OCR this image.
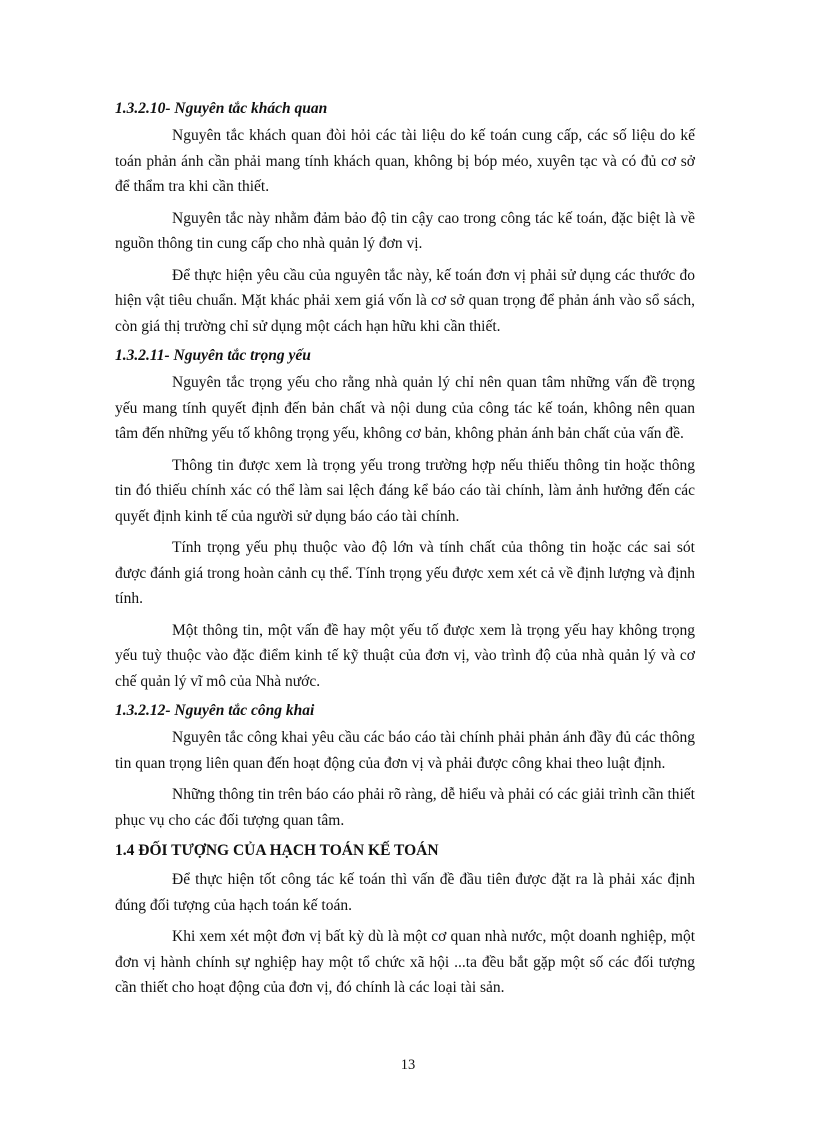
1.3.2.10- Nguyên tắc khách quan

Nguyên tắc khách quan đòi hỏi các tài liệu do kế toán cung cấp, các số liệu do kế toán phản ánh cần phải mang tính khách quan, không bị bóp méo, xuyên tạc và có đủ cơ sở để thẩm tra khi cần thiết.

Nguyên tắc này nhằm đảm bảo độ tin cậy cao trong công tác kế toán, đặc biệt là về nguồn thông tin cung cấp cho nhà quản lý đơn vị.

Để thực hiện yêu cầu của nguyên tắc này, kế toán đơn vị phải sử dụng các thước đo hiện vật tiêu chuẩn. Mặt khác phải xem giá vốn là cơ sở quan trọng để phản ánh vào sổ sách, còn giá thị trường chỉ sử dụng một cách hạn hữu khi cần thiết.

1.3.2.11- Nguyên tắc trọng yếu

Nguyên tắc trọng yếu cho rằng nhà quản lý chỉ nên quan tâm những vấn đề trọng yếu mang tính quyết định đến bản chất và nội dung của công tác kế toán, không nên quan tâm đến những yếu tố không trọng yếu, không cơ bản, không phản ánh bản chất của vấn đề.

Thông tin được xem là trọng yếu trong trường hợp nếu thiếu thông tin hoặc thông tin đó thiếu chính xác có thể làm sai lệch đáng kể báo cáo tài chính, làm ảnh hưởng đến các quyết định kinh tế của người sử dụng báo cáo tài chính.

Tính trọng yếu phụ thuộc vào độ lớn và tính chất của thông tin hoặc các sai sót được đánh giá trong hoàn cảnh cụ thể. Tính trọng yếu được xem xét cả về định lượng và định tính.

Một thông tin, một vấn đề hay một yếu tố được xem là trọng yếu hay không trọng yếu tuỳ thuộc vào đặc điểm kinh tế kỹ thuật của đơn vị, vào trình độ của nhà quản lý và cơ chế quản lý vĩ mô của Nhà nước.

1.3.2.12- Nguyên tắc công khai

Nguyên tắc công khai yêu cầu các báo cáo tài chính phải phản ánh đầy đủ các thông tin quan trọng liên quan đến hoạt động của đơn vị và phải được công khai theo luật định.

Những thông tin trên báo cáo phải rõ ràng, dễ hiểu và phải có các giải trình cần thiết phục vụ cho các đối tượng quan tâm.

1.4 ĐỐI TƯỢNG CỦA HẠCH TOÁN KẾ TOÁN

Để thực hiện tốt công tác kế toán thì vấn đề đầu tiên được đặt ra là phải xác định đúng đối tượng của hạch toán kế toán.

Khi xem xét một đơn vị bất kỳ dù là một cơ quan nhà nước, một doanh nghiệp, một đơn vị hành chính sự nghiệp hay một tổ chức xã hội ...ta đều bắt gặp một số các đối tượng cần thiết cho hoạt động của đơn vị, đó chính là các loại tài sản.

13
